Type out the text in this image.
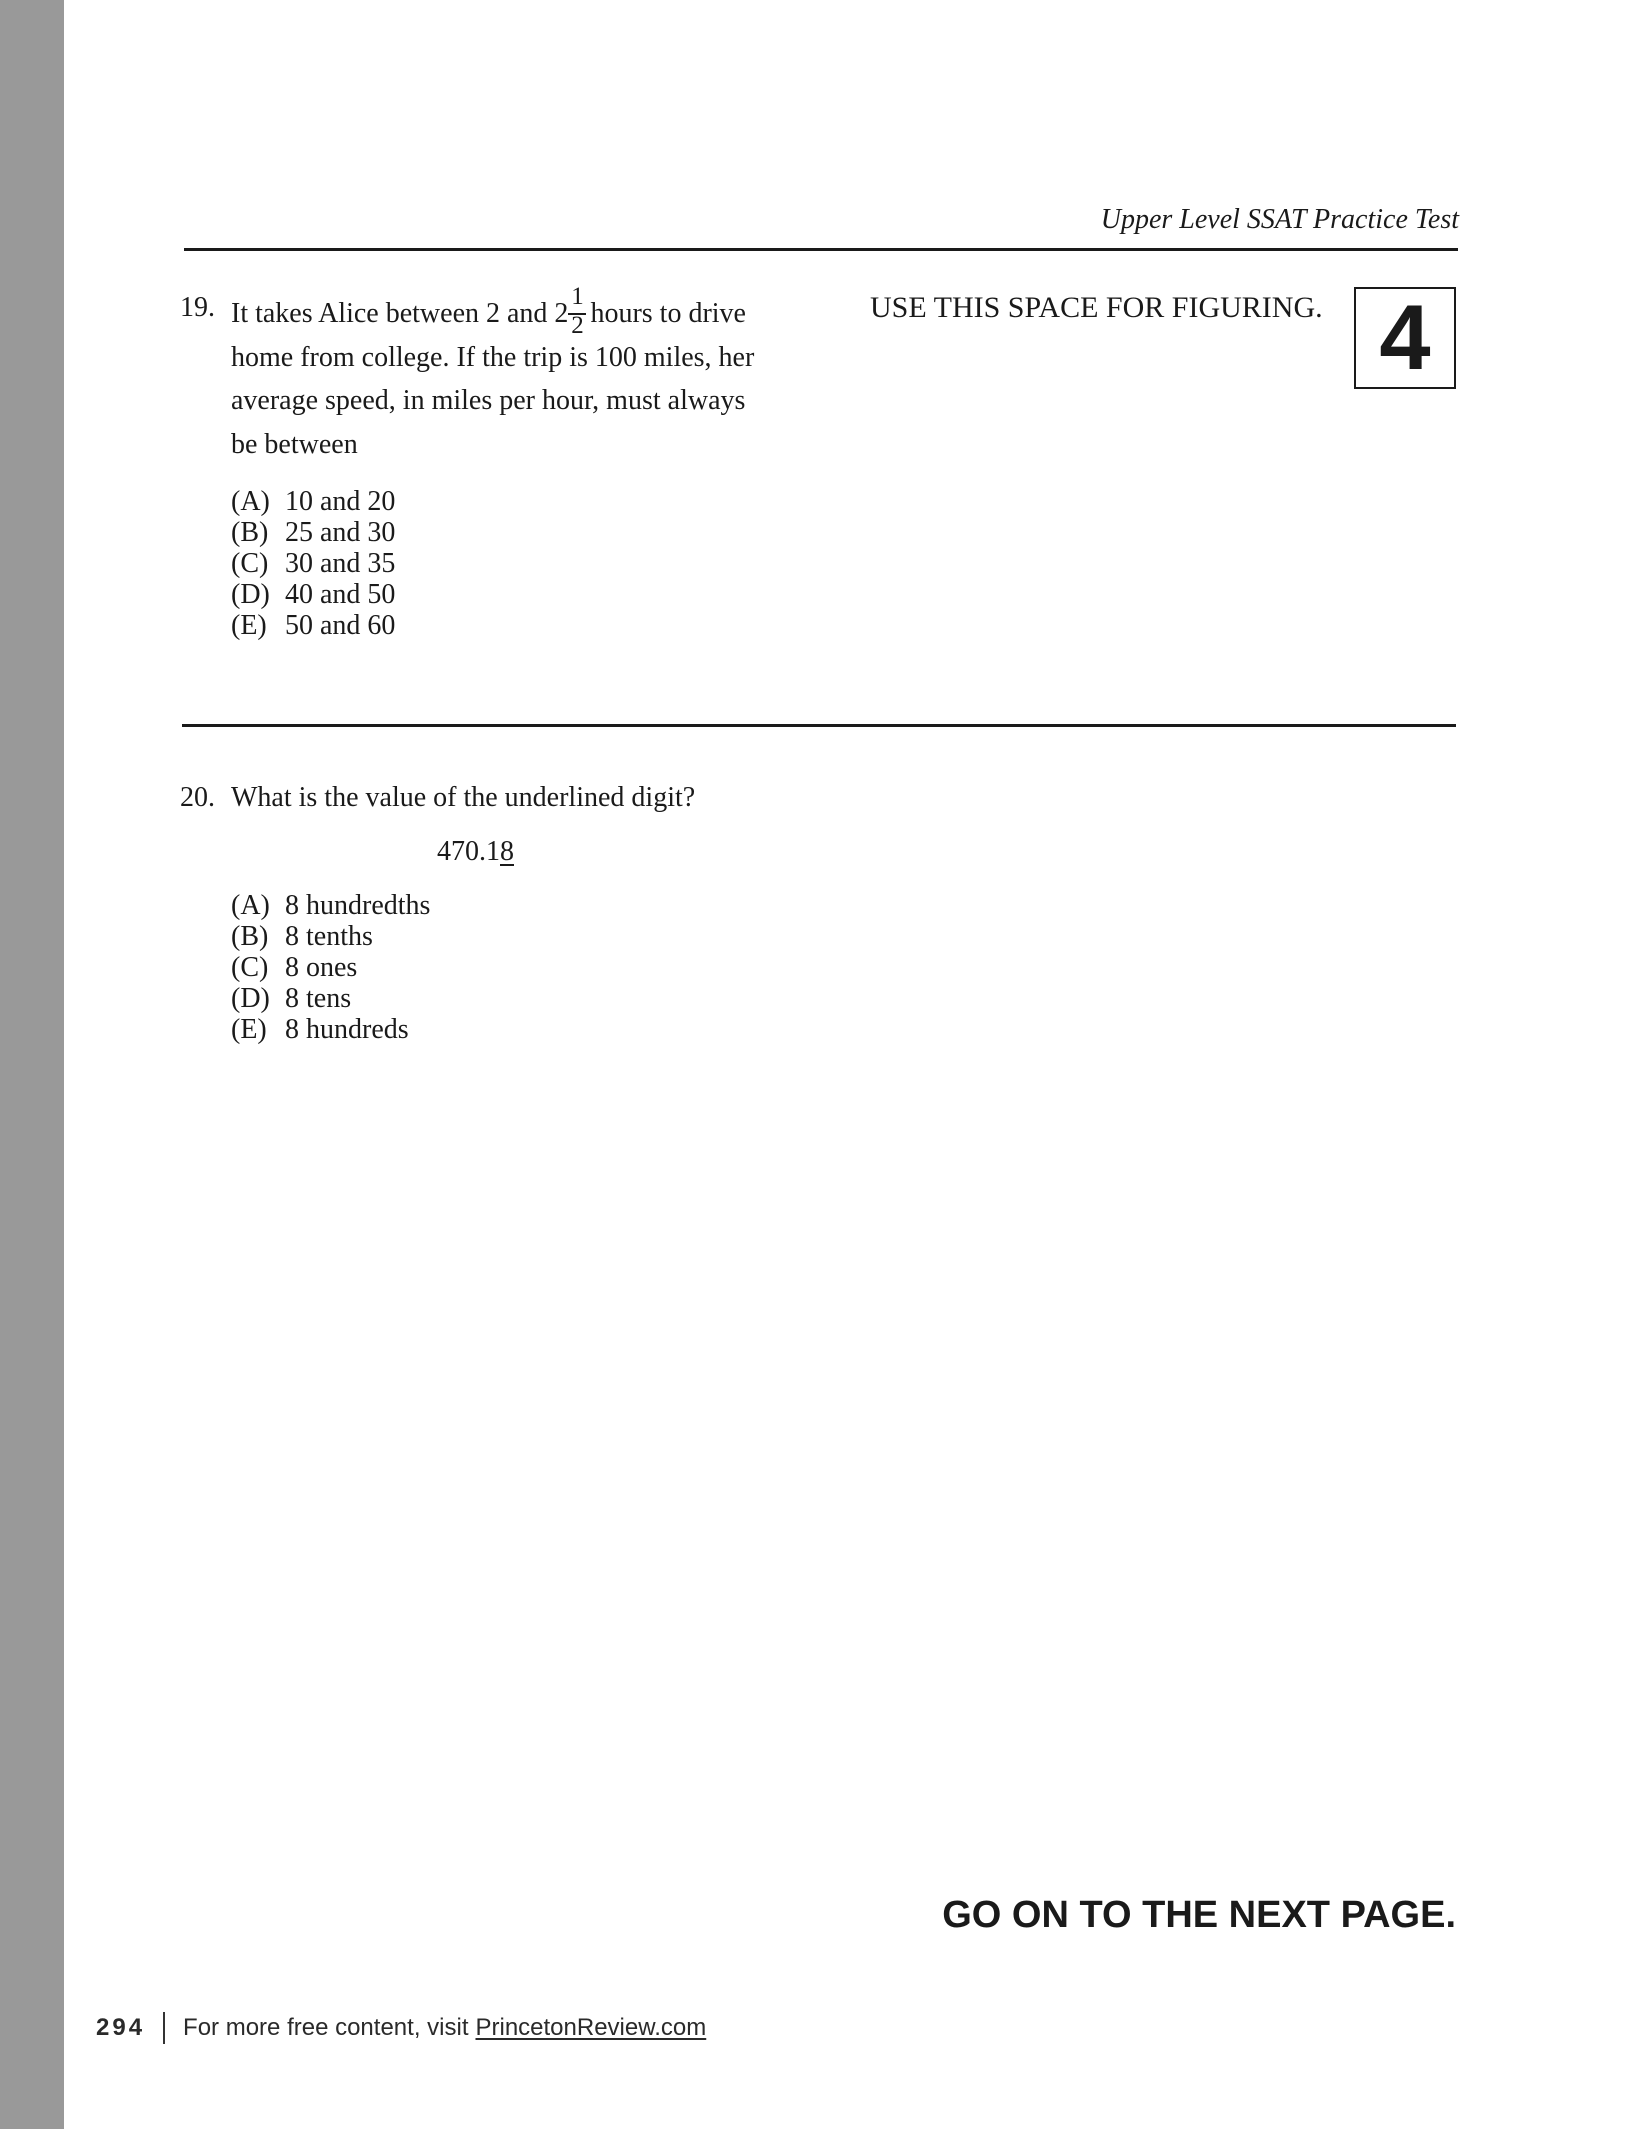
Upper Level SSAT Practice Test
USE THIS SPACE FOR FIGURING. 4
19. It takes Alice between 2 and $2 \frac{1}{2}$ hours to drive
home from college. If the trip is 100 miles, her
average speed, in miles per hour, must always
be between
(A) 10 and 20
(B) 25 and 30
(C) 30 and 35
(D) 40 and 50
(E) 50 and 60
20. What is the value of the underlined digit?
470.18
(A) 8 hundredths
(B) 8 tenths
(C) 8 ones
(D) 8 tens
(E) 8 hundreds
GO ON TO THE NEXT PAGE.
294 For more free content, visit PrincetonReview.com
